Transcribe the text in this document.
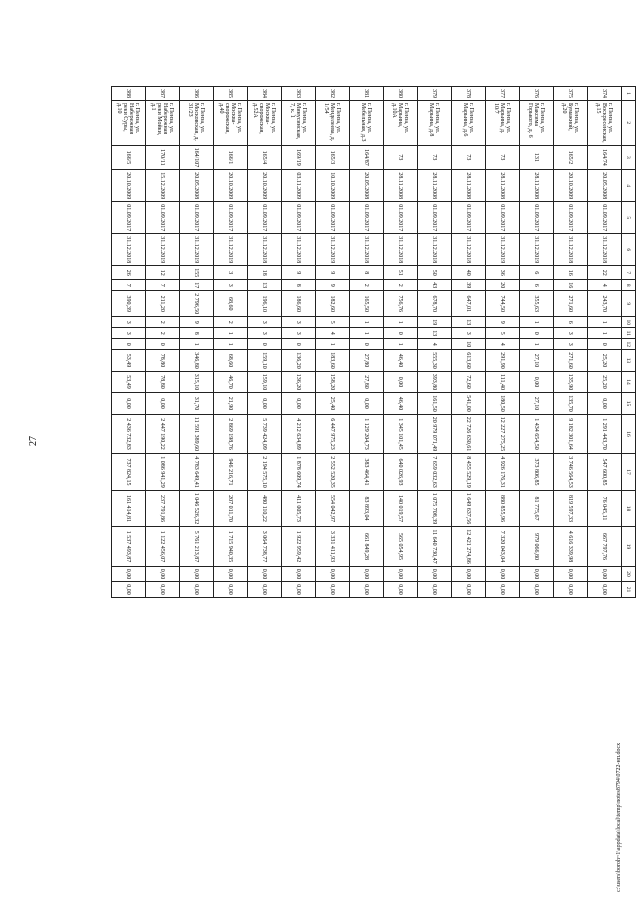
27
1	2	3	4	5	6	7	8	9	10	11	12	13	14	15	16	17	18	19	20	21
374	г. Пенза, ул. Воскресенская, д.15	164/74	20.05.2008	01.09.2017	31.12.2018	22	4	243,70	1	1	0	25,20	25,20	0,00	1 291 443,70	547 600,85	76 045,11	667 797,76	0,00	0,00
375	г. Пенза, ул. Бумажной, д.20	165/2	20.10.2009	01.09.2017	31.12.2018	16	16	271,60	6	3	3	271,60	135,90	135,70	9 182 301,64	3 746 564,53	819 597,33	4 616 339,98	0,00	0,00
376	г. Пенза, ул. Максима Горького, д. 6	131	28.11.2008	01.09.2017	31.12.2019	6	6	355,63	1	0	1	27,10	0,00	27,10	1 434 654,50	373 806,85	81 775,67	979 066,80	0,00	0,00
377	г. Пенза, ул. Марьина, д. 10/7	73	28.11.2008	01.09.2017	31.12.2019	36	20	744,50	9	5	4	291,90	111,40	180,50	12 227 275,25	4 926 176,31	880 855,96	7 320 043,04	0,00	0,00
378	г. Пенза, ул. Марьина, д.6	73	28.11.2008	01.09.2017	31.12.2018	40	39	647,01	13	3	10	613,60	72,60	541,00	22 726 630,61	8 455 529,19	1 649 637,56	12 421 274,86	0,00	0,00
379	г. Пенза, ул. Марьина, д.8	73	28.11.2008	01.09.2017	31.12.2018	50	43	678,70	19	13	4	555,30	393,80	161,50	20 979 071,49	7 659 032,63	1 075 708,39	11 640 730,47	0,00	0,00
380	г. Пенза, ул. Марьина, д.10А	73	28.11.2008	01.09.2017	31.12.2018	51	2	756,76	1	0	1	46,40	0,00	46,40	1 345 101,45	640 026,93	140 019,57	565 054,95	0,00	0,00
381	г. Пенза, ул. Мебельная, д.3	164/87	20.05.2008	01.09.2017	31.12.2018	8	2	165,50	1	1	0	27,80	27,80	0,00	1 129 204,73	383 464,41	83 893,04	661 849,28	0,00	0,00
382	г. Пенза, ул. Менделеева, д. 1/54	165/3	10.10.2009	01.09.2017	31.12.2019	9	9	182,60	5	4	1	183,60	158,20	25,40	6 447 975,23	2 552 520,35	554 042,97	3 331 411,93	0,00	0,00
383	г. Пенза, ул. Минусинская, 7, к. 1	169/19	03.11.2009	01.09.2017	31.12.2018	9	8	186,60	3	3	0	136,20	136,20	0,00	4 212 634,89	1 878 609,74	411 005,73	1 922 959,42	0,00	0,00
384	г. Пенза, ул. Москва-сворожская, д.52А	165/4	20.10.2009	01.09.2017	31.12.2018	18	13	196,10	3	3	0	159,10	159,10	0,00	5 739 424,09	2 194 575,10	480 110,22	3 064 738,77	0,00	0,00
385	г. Пенза, ул. Москва-сворожская, д.40	166/1	20.10.2009	01.09.2017	31.12.2019	3	3	68,60	2	1	1	68,60	46,70	21,90	2 869 198,76	946 216,71	207 011,70	1 715 940,35	0,00	0,00
386	г. Пенза, ул. Московская, д. 31/23	164/107	20.05.2008	01.09.2017	31.12.2019	155	17	2 796,50	9	8	1	346,80	315,10	31,70	11 591 389,60	4 783 649,41	1 046 526,32	5 761 213,87	0,00	0,00
387	г. Пенза, ул. Набережная реки Мойки, д.1	170/11	15.12.2009	01.09.2017	31.12.2019	12	7	211,20	2	2	0	78,80	78,80	0,00	2 447 190,22	1 086 941,29	237 791,86	1 122 456,07	0,00	0,00
388	г. Пенза, ул. Набережная реки Суры, д.10	166/5	20.10.2009	01.09.2017	31.12.2018	26	7	390,39	3	3	0	53,49	53,49	0,00	2 436 732,83	737 824,15	161 414,81	1 537 493,87	0,00	0,00
c:\users\boroh~1\appdata\local\temp\notes8794\0722-нп.docx
